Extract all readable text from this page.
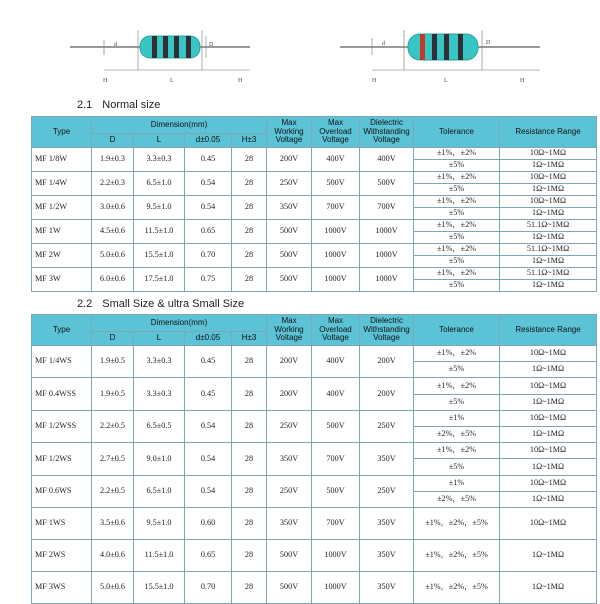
d	D
H	L	H
d	D
H	L	H
2.1 Normal size
Type	Dimension(mm)				Max Working Voltage	Max Overload Voltage	Dielectric Withstanding Voltage	Tolerance	Resistance Range
	D	L	d±0.05	H±3					
MF 1/8W	1.9±0.3	3.3±0.3	0.45	28	200V	400V	400V	±1%，±2%	10Ω~1MΩ
								±5%	1Ω~1MΩ
MF 1/4W	2.2±0.3	6.5±1.0	0.54	28	250V	500V	500V	±1%，±2%	10Ω~1MΩ
								±5%	1Ω~1MΩ
MF 1/2W	3.0±0.6	9.5±1.0	0.54	28	350V	700V	700V	±1%，±2%	10Ω~1MΩ
								±5%	1Ω~1MΩ
MF 1W	4.5±0.6	11.5±1.0	0.65	28	500V	1000V	1000V	±1%，±2%	51.1Ω~1MΩ
								±5%	1Ω~1MΩ
MF 2W	5.0±0.6	15.5±1.0	0.70	28	500V	1000V	1000V	±1%，±2%	51.1Ω~1MΩ
								±5%	1Ω~1MΩ
MF 3W	6.0±0.6	17.5±1.0	0.75	28	500V	1000V	1000V	±1%，±2%	51.1Ω~1MΩ
								±5%	1Ω~1MΩ
2.2 Small Size & ultra Small Size
Type	Dimension(mm)				Max Working Voltage	Max Overload Voltage	Dielectric Withstanding Voltage	Tolerance	Resistance Range
	D	L	d±0.05	H±3					
MF 1/4WS	1.9±0.5	3.3±0.3	0.45	28	200V	400V	200V	±1%，±2%	10Ω~1MΩ
								±5%	1Ω~1MΩ
MF 0.4WSS	1.9±0.5	3.3±0.3	0.45	28	200V	400V	200V	±1%，±2%	10Ω~1MΩ
								±5%	1Ω~1MΩ
MF 1/2WSS	2.2±0.5	6.5±0.5	0.54	28	250V	500V	250V	±1%	10Ω~1MΩ
								±2%，±5%	1Ω~1MΩ
MF 1/2WS	2.7±0.5	9.0±1.0	0.54	28	350V	700V	350V	±1%，±2%	10Ω~1MΩ
								±5%	1Ω~1MΩ
MF 0.6WS	2.2±0.5	6.5±1.0	0.54	28	250V	500V	250V	±1%	10Ω~1MΩ
								±2%，±5%	1Ω~1MΩ
MF 1WS	3.5±0.6	9.5±1.0	0.60	28	350V	700V	350V	±1%，±2%，±5%	10Ω~1MΩ
MF 2WS	4.0±0.6	11.5±1.0	0.65	28	500V	1000V	350V	±1%，±2%，±5%	1Ω~1MΩ
MF 3WS	5.0±0.6	15.5±1.0	0.70	28	500V	1000V	350V	±1%，±2%，±5%	1Ω~1MΩ
